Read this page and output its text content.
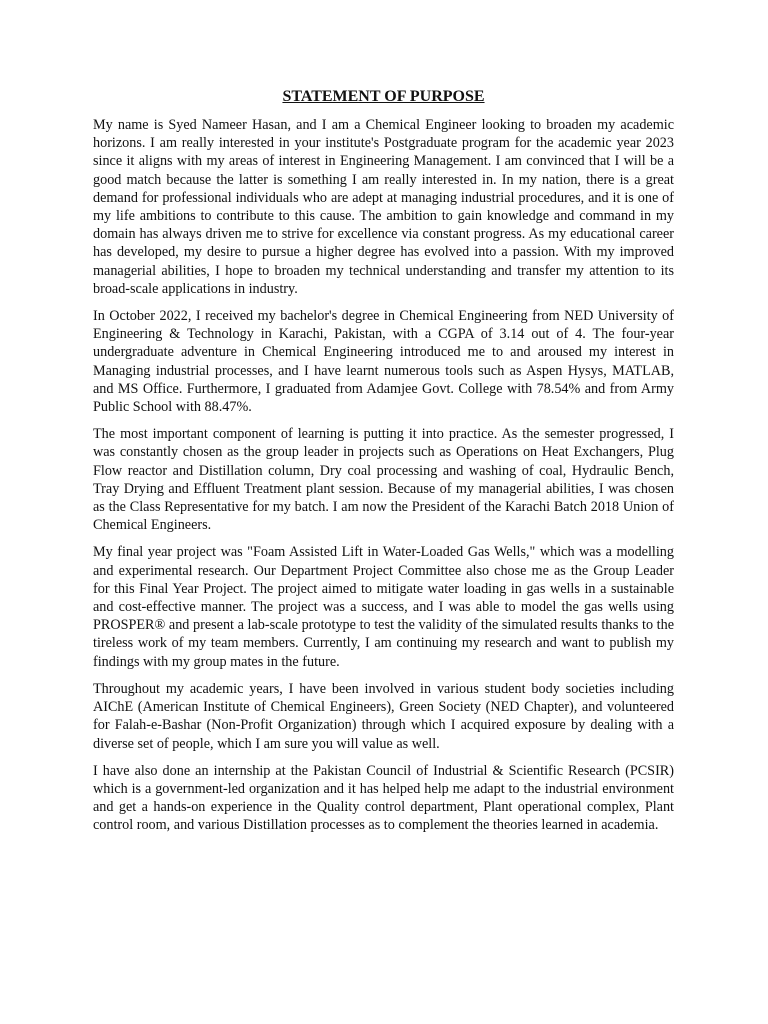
STATEMENT OF PURPOSE

My name is Syed Nameer Hasan, and I am a Chemical Engineer looking to broaden my academic horizons. I am really interested in your institute's Postgraduate program for the academic year 2023 since it aligns with my areas of interest in Engineering Management. I am convinced that I will be a good match because the latter is something I am really interested in. In my nation, there is a great demand for professional individuals who are adept at managing industrial procedures, and it is one of my life ambitions to contribute to this cause. The ambition to gain knowledge and command in my domain has always driven me to strive for excellence via constant progress. As my educational career has developed, my desire to pursue a higher degree has evolved into a passion. With my improved managerial abilities, I hope to broaden my technical understanding and transfer my attention to its broad-scale applications in industry.

In October 2022, I received my bachelor's degree in Chemical Engineering from NED University of Engineering & Technology in Karachi, Pakistan, with a CGPA of 3.14 out of 4. The four-year undergraduate adventure in Chemical Engineering introduced me to and aroused my interest in Managing industrial processes, and I have learnt numerous tools such as Aspen Hysys, MATLAB, and MS Office. Furthermore, I graduated from Adamjee Govt. College with 78.54% and from Army Public School with 88.47%.

The most important component of learning is putting it into practice. As the semester progressed, I was constantly chosen as the group leader in projects such as Operations on Heat Exchangers, Plug Flow reactor and Distillation column, Dry coal processing and washing of coal, Hydraulic Bench, Tray Drying and Effluent Treatment plant session. Because of my managerial abilities, I was chosen as the Class Representative for my batch. I am now the President of the Karachi Batch 2018 Union of Chemical Engineers.

My final year project was "Foam Assisted Lift in Water-Loaded Gas Wells," which was a modelling and experimental research. Our Department Project Committee also chose me as the Group Leader for this Final Year Project. The project aimed to mitigate water loading in gas wells in a sustainable and cost-effective manner. The project was a success, and I was able to model the gas wells using PROSPER® and present a lab-scale prototype to test the validity of the simulated results thanks to the tireless work of my team members. Currently, I am continuing my research and want to publish my findings with my group mates in the future.

Throughout my academic years, I have been involved in various student body societies including AIChE (American Institute of Chemical Engineers), Green Society (NED Chapter), and volunteered for Falah-e-Bashar (Non-Profit Organization) through which I acquired exposure by dealing with a diverse set of people, which I am sure you will value as well.

I have also done an internship at the Pakistan Council of Industrial & Scientific Research (PCSIR) which is a government-led organization and it has helped help me adapt to the industrial environment and get a hands-on experience in the Quality control department, Plant operational complex, Plant control room, and various Distillation processes as to complement the theories learned in academia.
